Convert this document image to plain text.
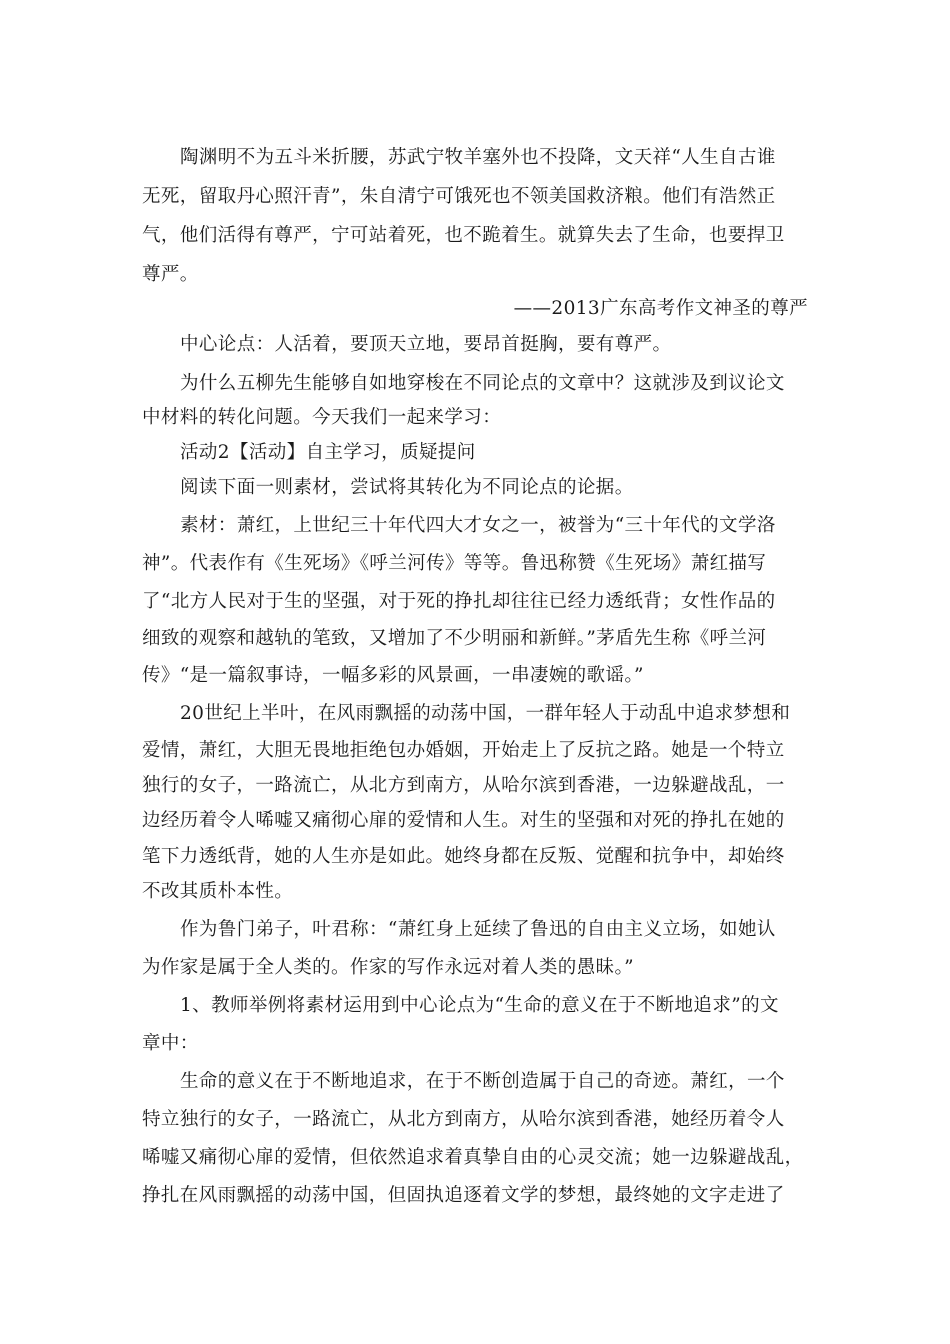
陶渊明不为五斗米折腰，苏武宁牧羊塞外也不投降，文天祥“人生自古谁
无死，留取丹心照汗青”，朱自清宁可饿死也不领美国救济粮。他们有浩然正
气，他们活得有尊严，宁可站着死，也不跪着生。就算失去了生命，也要捍卫
尊严。
——2013广东高考作文神圣的尊严
中心论点：人活着，要顶天立地，要昂首挺胸，要有尊严。
为什么五柳先生能够自如地穿梭在不同论点的文章中？这就涉及到议论文
中材料的转化问题。今天我们一起来学习：
活动2【活动】自主学习，质疑提问
阅读下面一则素材，尝试将其转化为不同论点的论据。
素材：萧红，上世纪三十年代四大才女之一，被誉为“三十年代的文学洛
神”。代表作有《生死场》《呼兰河传》等等。鲁迅称赞《生死场》萧红描写
了“北方人民对于生的坚强，对于死的挣扎却往往已经力透纸背；女性作品的
细致的观察和越轨的笔致，又增加了不少明丽和新鲜。”茅盾先生称《呼兰河
传》“是一篇叙事诗，一幅多彩的风景画，一串凄婉的歌谣。”
20世纪上半叶，在风雨飘摇的动荡中国，一群年轻人于动乱中追求梦想和
爱情，萧红，大胆无畏地拒绝包办婚姻，开始走上了反抗之路。她是一个特立
独行的女子，一路流亡，从北方到南方，从哈尔滨到香港，一边躲避战乱，一
边经历着令人唏嘘又痛彻心扉的爱情和人生。对生的坚强和对死的挣扎在她的
笔下力透纸背，她的人生亦是如此。她终身都在反叛、觉醒和抗争中，却始终
不改其质朴本性。
作为鲁门弟子，叶君称：“萧红身上延续了鲁迅的自由主义立场，如她认
为作家是属于全人类的。作家的写作永远对着人类的愚昧。”
1、教师举例将素材运用到中心论点为“生命的意义在于不断地追求”的文
章中：
生命的意义在于不断地追求，在于不断创造属于自己的奇迹。萧红，一个
特立独行的女子，一路流亡，从北方到南方，从哈尔滨到香港，她经历着令人
唏嘘又痛彻心扉的爱情，但依然追求着真挚自由的心灵交流；她一边躲避战乱，
挣扎在风雨飘摇的动荡中国，但固执追逐着文学的梦想，最终她的文字走进了
